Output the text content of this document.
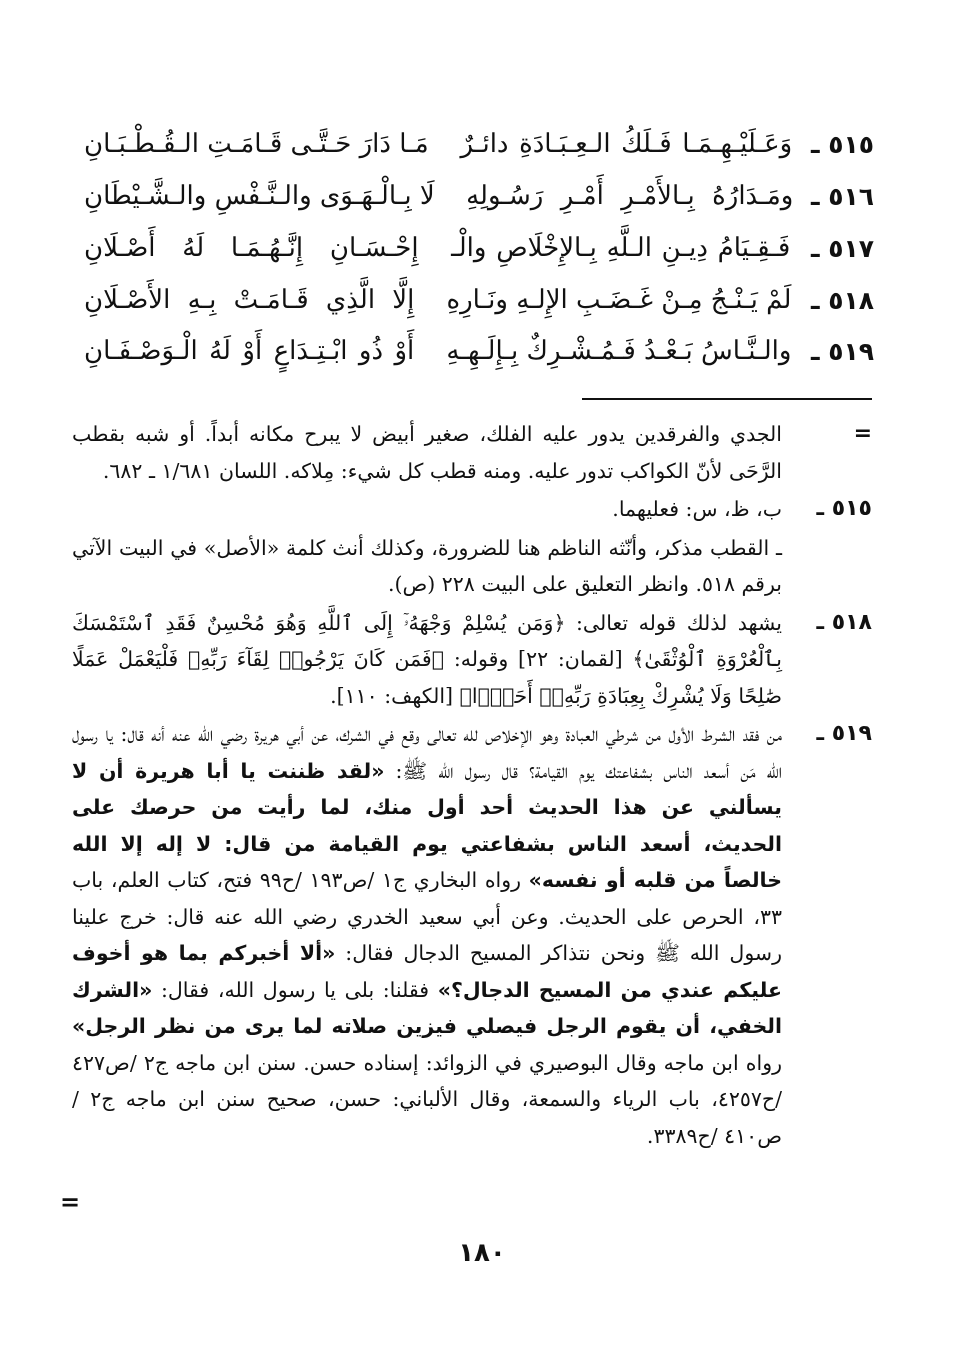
٥١٥ ـ
وَعَـلَيْـهِـمَـا فَـلَكُ الـعِـبَـادَةِ دائـرٌ
مَـا دَارَ حَـتَّـى قَـامَـتِ الـقُـطْـبَـانِ
٥١٦ ـ
ومَـدَارُهُ بِـالأَمْـرِ أَمْـرِ رَسُـولِهِ
لَا بِـالْـهَـوَى والـنَّـفْسِ والـشَّـيْطَانِ
٥١٧ ـ
فَـقِـيَامُ دِيـنِ الـلَّهِ بِـالإِخْلَاصِ والْـ
إِحْـسَـانِ إِنَّـهُـمَـا لَهُ أَصْـلَانِ
٥١٨ ـ
لَمْ يَـنْـجُ مِـنْ غَـضَـبِ الإِلـهِ ونَـارِهِ
إِلَّا الَّذِي قَـامَـتْ بِـهِ الأَصْـلَانِ
٥١٩ ـ
والـنَّـاسُ بَـعْـدُ فَـمُـشْـرِكٌ بِـإِلَـهِـهِ
أَوْ ذُو ابْـتِـدَاعٍ أَوْ لَهُ الْـوَصْـفَـانِ
=
الجدي والفرقدين يدور عليه الفلك، صغير أبيض لا يبرح مكانه أبداً. أو شبه بقطب الرَّحَى لأنّ الكواكب تدور عليه. ومنه قطب كل شيء: مِلاكه. اللسان ١/٦٨١ ـ ٦٨٢.
٥١٥ ـ
ب، ظ، س: فعليهما.
ـ القطب مذكر، وأنّثه الناظم هنا للضرورة، وكذلك أنث كلمة «الأصل» في البيت الآتي برقم ٥١٨. وانظر التعليق على البيت ٢٢٨ (ص).
٥١٨ ـ
يشهد لذلك قوله تعالى: ﴿وَمَن يُسْلِمْ وَجْهَهُۥٓ إِلَى ٱللَّهِ وَهُوَ مُحْسِنٌ فَقَدِ ٱسْتَمْسَكَ بِٱلْعُرْوَةِ ٱلْوُثْقَىٰ﴾ [لقمان: ٢٢] وقوله: ﴿فَمَن كَانَ يَرْجُوا۟ لِقَآءَ رَبِّهِۦ فَلْيَعْمَلْ عَمَلًا صَٰلِحًا وَلَا يُشْرِكْ بِعِبَادَةِ رَبِّهِۦٓ أَحَدًۢا﴾ [الكهف: ١١٠].
٥١٩ ـ
من فقد الشرط الأول من شرطي العبادة وهو الإخلاص لله تعالى وقع في الشرك، عن أبي هريرة رضي الله عنه أنه قال: يا رسول الله مَن أسعد الناس بشفاعتك يوم القيامة؟ قال رسول الله ﷺ: «لقد ظننت يا أبا هريرة أن لا يسألني عن هذا الحديث أحد أول منك، لما رأيت من حرصك على الحديث، أسعد الناس بشفاعتي يوم القيامة من قال: لا إله إلا الله خالصاً من قلبه أو نفسه» رواه البخاري ج١ /ص١٩٣ /ح٩٩ فتح، كتاب العلم، باب ٣٣، الحرص على الحديث. وعن أبي سعيد الخدري رضي الله عنه قال: خرج علينا رسول الله ﷺ ونحن نتذاكر المسيح الدجال فقال: «ألا أخبركم بما هو أخوف عليكم عندي من المسيح الدجال؟» فقلنا: بلى يا رسول الله، فقال: «الشرك الخفي، أن يقوم الرجل فيصلي فيزين صلاته لما يرى من نظر الرجل» رواه ابن ماجه وقال البوصيري في الزوائد: إسناده حسن. سنن ابن ماجه ج٢ /ص٤٢٧ /ح٤٢٥٧، باب الرياء والسمعة، وقال الألباني: حسن، صحيح سنن ابن ماجه ج٢ /ص٤١٠ /ح٣٣٨٩.
=
١٨٠
